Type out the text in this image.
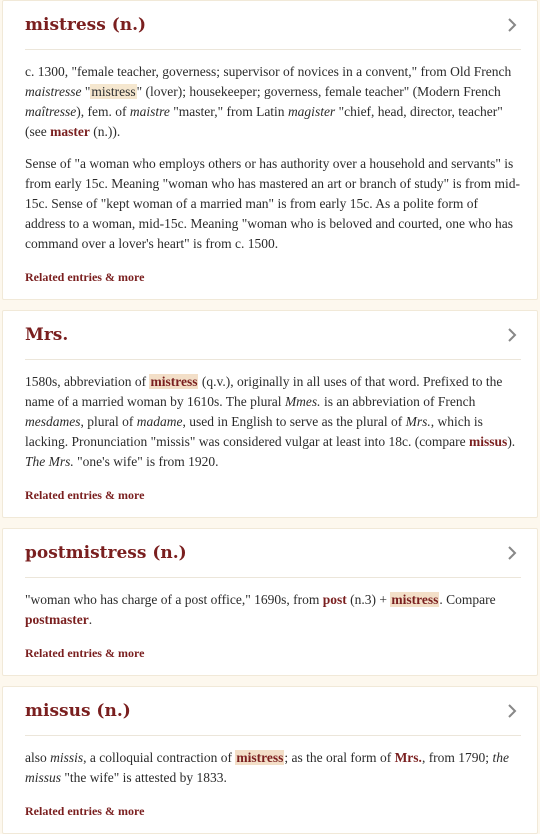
mistress (n.)

c. 1300, "female teacher, governess; supervisor of novices in a convent," from Old French maistresse "mistress" (lover); housekeeper; governess, female teacher" (Modern French maîtresse), fem. of maistre "master," from Latin magister "chief, head, director, teacher" (see master (n.)).

Sense of "a woman who employs others or has authority over a household and servants" is from early 15c. Meaning "woman who has mastered an art or branch of study" is from mid-15c. Sense of "kept woman of a married man" is from early 15c. As a polite form of address to a woman, mid-15c. Meaning "woman who is beloved and courted, one who has command over a lover's heart" is from c. 1500.

Related entries & more
Mrs.

1580s, abbreviation of mistress (q.v.), originally in all uses of that word. Prefixed to the name of a married woman by 1610s. The plural Mmes. is an abbreviation of French mesdames, plural of madame, used in English to serve as the plural of Mrs., which is lacking. Pronunciation "missis" was considered vulgar at least into 18c. (compare missus). The Mrs. "one's wife" is from 1920.

Related entries & more
postmistress (n.)

"woman who has charge of a post office," 1690s, from post (n.3) + mistress. Compare postmaster.

Related entries & more
missus (n.)

also missis, a colloquial contraction of mistress; as the oral form of Mrs., from 1790; the missus "the wife" is attested by 1833.

Related entries & more
